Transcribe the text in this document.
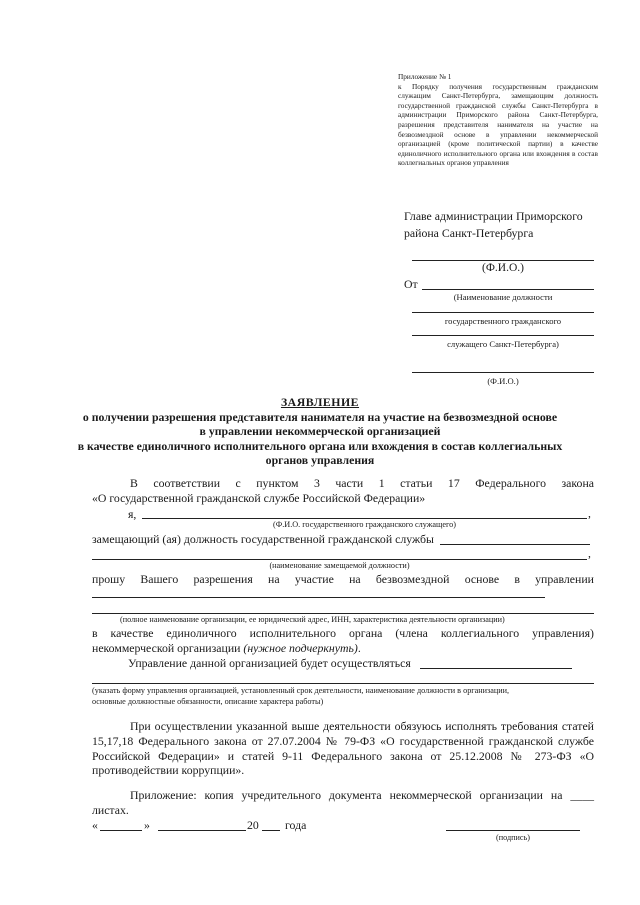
Приложение № 1
к Порядку получения государственным гражданским служащим Санкт-Петербурга, замещающим должность государственной гражданской службы Санкт-Петербурга в администрации Приморского района Санкт-Петербурга, разрешения представителя нанимателя на участие на безвозмездной основе в управлении некоммерческой организацией (кроме политической партии) в качестве единоличного исполнительного органа или вхождения в состав коллегиальных органов управления
Главе администрации Приморского
района Санкт-Петербурга
(Ф.И.О.)
От
(Наименование должности
государственного гражданского
служащего Санкт-Петербурга)
(Ф.И.О.)
ЗАЯВЛЕНИЕ
о получении разрешения представителя нанимателя на участие на безвозмездной основе
в управлении некоммерческой организацией
в качестве единоличного исполнительного органа или вхождения в состав коллегиальных
органов управления
В соответствии с пунктом 3 части 1 статьи 17 Федерального закона
«О государственной гражданской службе Российской Федерации»
я,	,
(Ф.И.О. государственного гражданского служащего)
замещающий (ая) должность государственной гражданской службы
,
(наименование замещаемой должности)
прошу Вашего разрешения на участие на безвозмездной основе в управлении
(полное наименование организации, ее юридический адрес, ИНН, характеристика деятельности организации)
в качестве единоличного исполнительного органа (члена коллегиального управления)
некоммерческой организации (нужное подчеркнуть).
Управление данной организацией будет осуществляться
(указать форму управления организацией, установленный срок деятельности, наименование должности в организации,
основные должностные обязанности, описание характера работы)
При осуществлении указанной выше деятельности обязуюсь исполнять требования статей 15,17,18 Федерального закона от 27.07.2004 № 79-ФЗ «О государственной гражданской службе Российской Федерации» и статей 9-11 Федерального закона от 25.12.2008 № 273-ФЗ «О противодействии коррупции».
Приложение: копия учредительного документа некоммерческой организации на ____ листах.
«	»	20 года
(подпись)
